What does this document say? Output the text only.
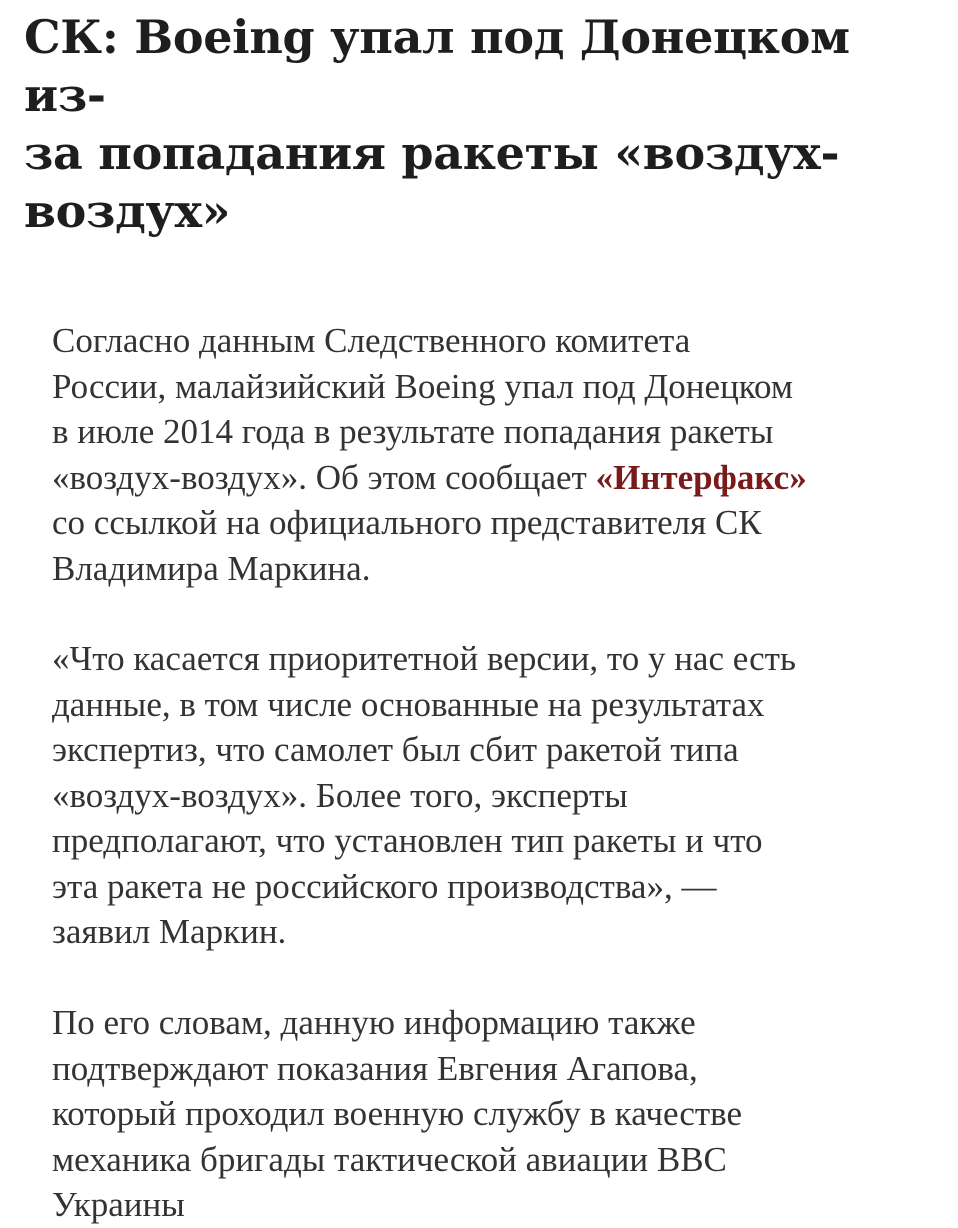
СК: Boeing упал под Донецком из-
за попадания ракеты «воздух-
воздух»

Согласно данным Следственного комитета
России, малайзийский Boeing упал под Донецком
в июле 2014 года в результате попадания ракеты
«воздух-воздух». Об этом сообщает «Интерфакс»
со ссылкой на официального представителя СК
Владимира Маркина.

«Что касается приоритетной версии, то у нас есть
данные, в том числе основанные на результатах
экспертиз, что самолет был сбит ракетой типа
«воздух-воздух». Более того, эксперты
предполагают, что установлен тип ракеты и что
эта ракета не российского производства», —
заявил Маркин.

По его словам, данную информацию также
подтверждают показания Евгения Агапова,
который проходил военную службу в качестве
механика бригады тактической авиации ВВС
Украины
